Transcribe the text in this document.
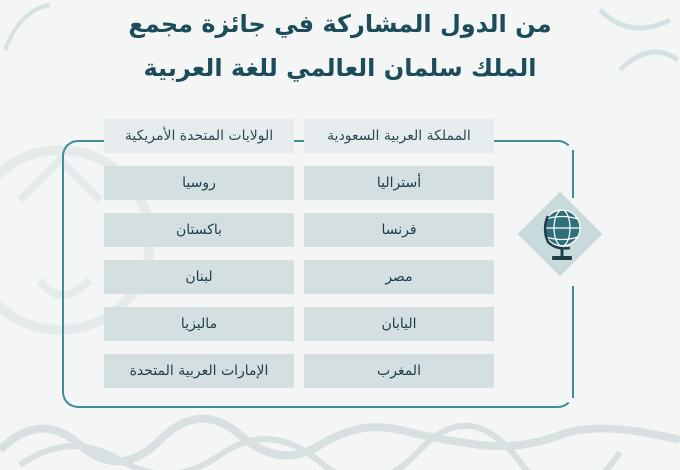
من الدول المشاركة في جائزة مجمع
الملك سلمان العالمي للغة العربية
المملكة العربية السعودية
الولايات المتحدة الأمريكية
أستراليا
فرنسا
مصر
اليابان
المغرب
روسيا
باكستان
لبنان
ماليزيا
الإمارات العربية المتحدة
